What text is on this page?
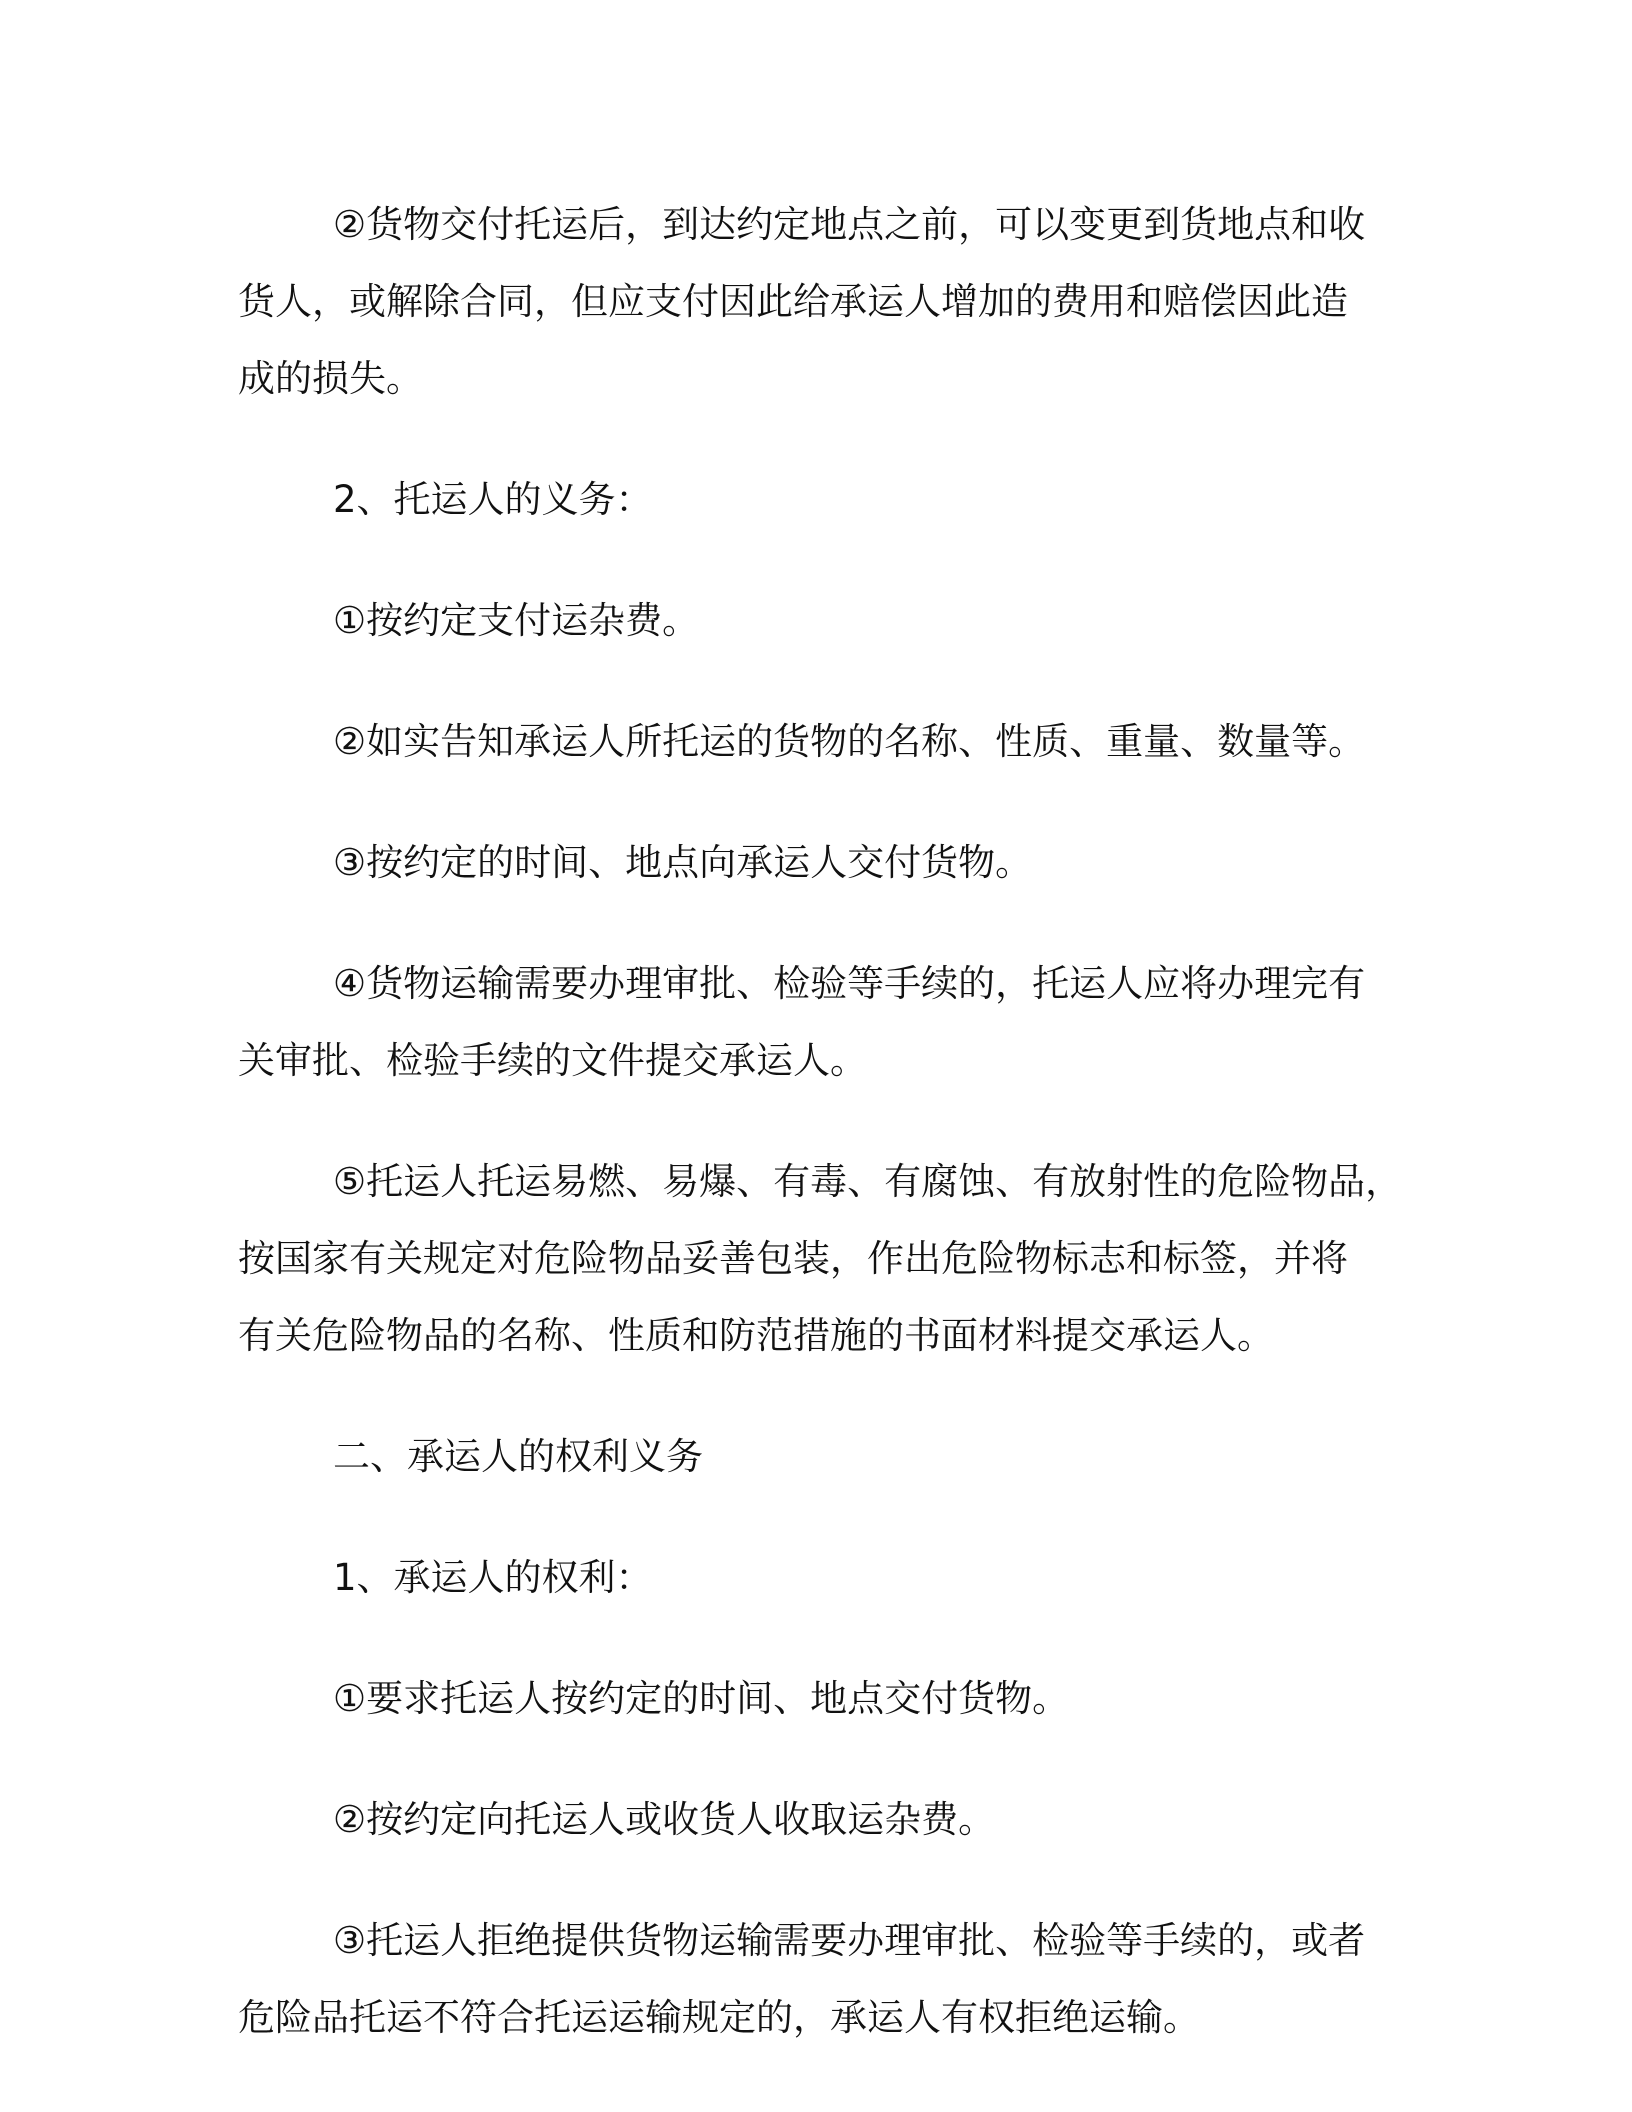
②货物交付托运后，到达约定地点之前，可以变更到货地点和收
货人，或解除合同，但应支付因此给承运人增加的费用和赔偿因此造
成的损失。

2、托运人的义务：

①按约定支付运杂费。

②如实告知承运人所托运的货物的名称、性质、重量、数量等。

③按约定的时间、地点向承运人交付货物。

④货物运输需要办理审批、检验等手续的，托运人应将办理完有
关审批、检验手续的文件提交承运人。

⑤托运人托运易燃、易爆、有毒、有腐蚀、有放射性的危险物品，
按国家有关规定对危险物品妥善包装，作出危险物标志和标签，并将
有关危险物品的名称、性质和防范措施的书面材料提交承运人。

二、承运人的权利义务

1、承运人的权利：

①要求托运人按约定的时间、地点交付货物。

②按约定向托运人或收货人收取运杂费。

③托运人拒绝提供货物运输需要办理审批、检验等手续的，或者
危险品托运不符合托运运输规定的，承运人有权拒绝运输。
